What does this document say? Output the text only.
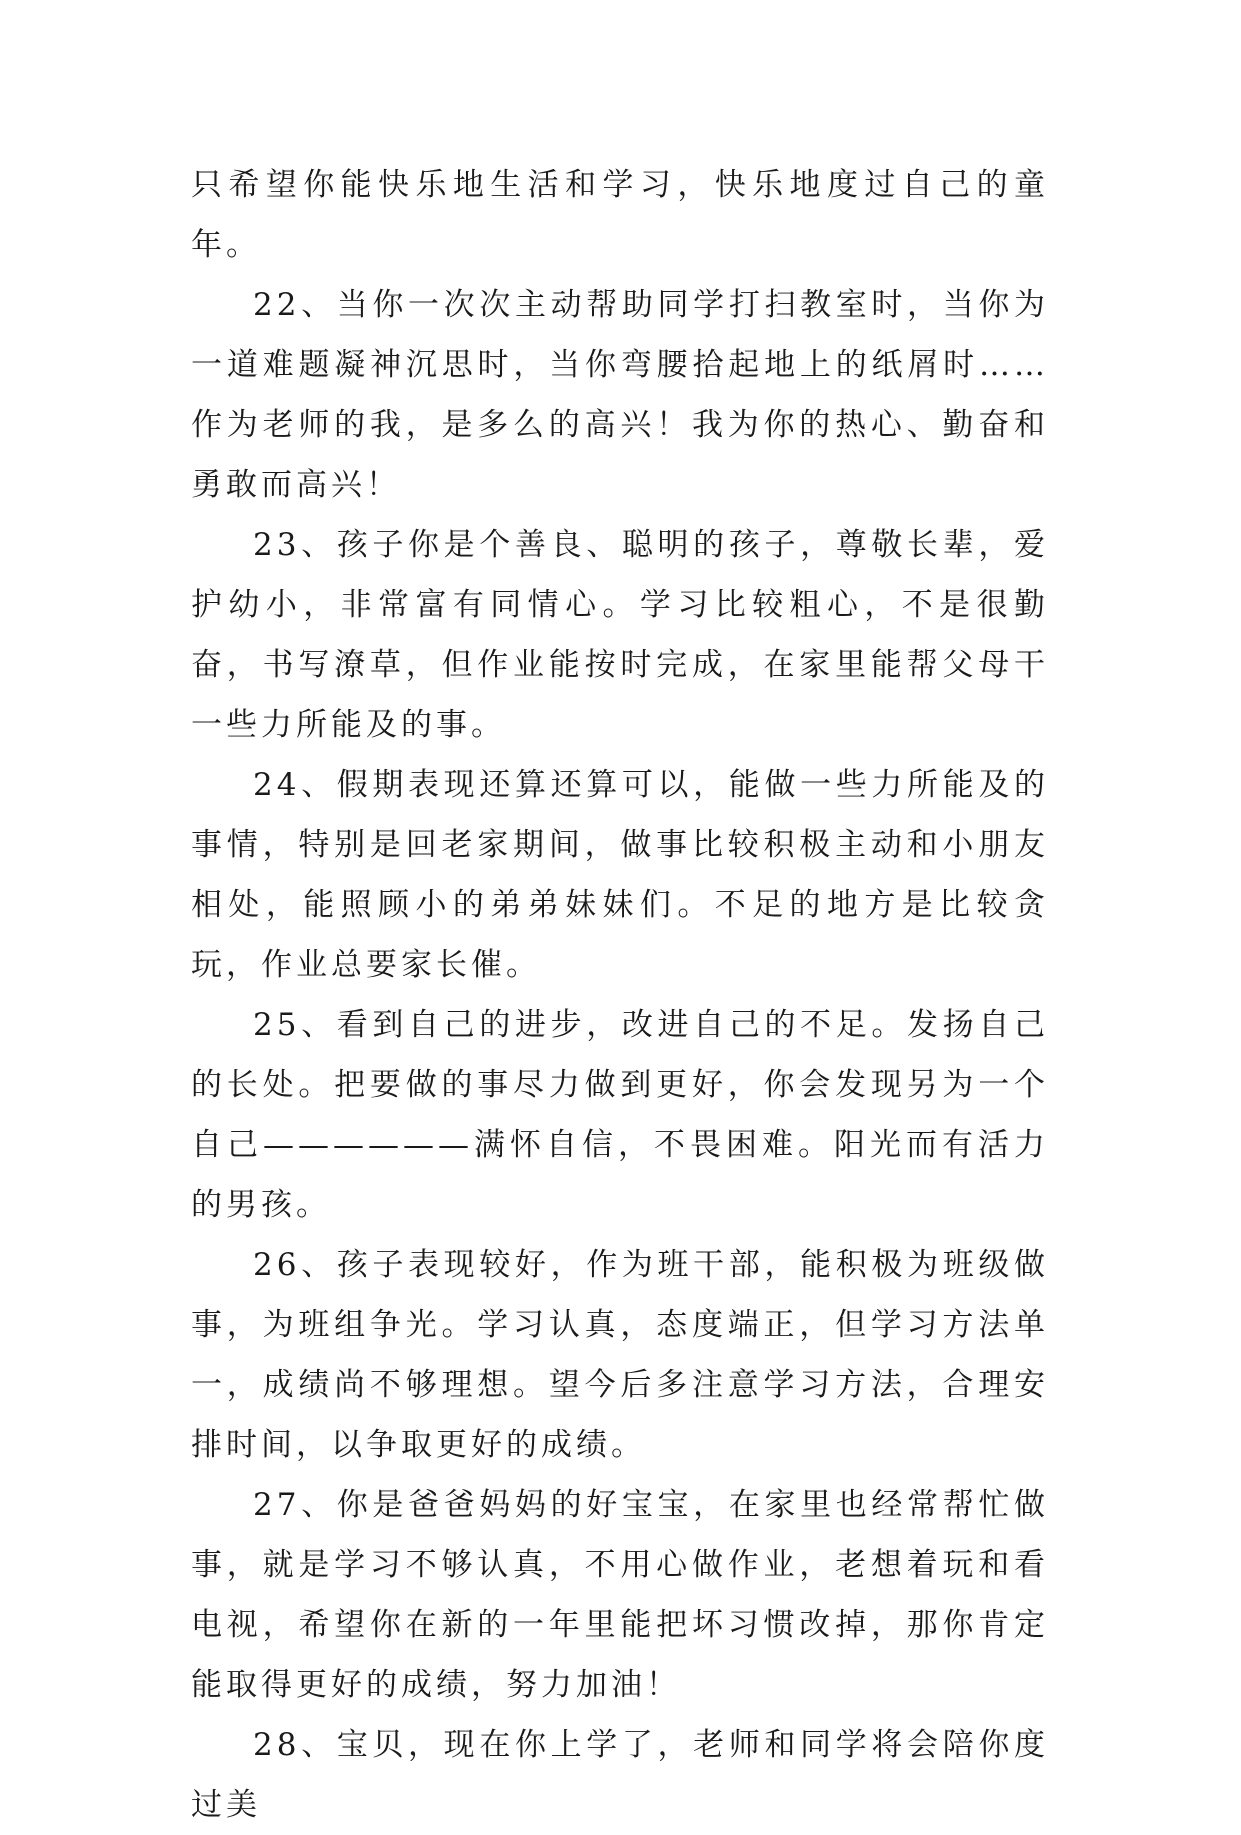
只希望你能快乐地生活和学习，快乐地度过自己的童年。

22、当你一次次主动帮助同学打扫教室时，当你为一道难题凝神沉思时，当你弯腰拾起地上的纸屑时……作为老师的我，是多么的高兴！我为你的热心、勤奋和勇敢而高兴！

23、孩子你是个善良、聪明的孩子，尊敬长辈，爱护幼小，非常富有同情心。学习比较粗心，不是很勤奋，书写潦草，但作业能按时完成，在家里能帮父母干一些力所能及的事。

24、假期表现还算还算可以，能做一些力所能及的事情，特别是回老家期间，做事比较积极主动和小朋友相处，能照顾小的弟弟妹妹们。不足的地方是比较贪玩，作业总要家长催。

25、看到自己的进步，改进自己的不足。发扬自己的长处。把要做的事尽力做到更好，你会发现另为一个自己——————满怀自信，不畏困难。阳光而有活力的男孩。

26、孩子表现较好，作为班干部，能积极为班级做事，为班组争光。学习认真，态度端正，但学习方法单一，成绩尚不够理想。望今后多注意学习方法，合理安排时间，以争取更好的成绩。

27、你是爸爸妈妈的好宝宝，在家里也经常帮忙做事，就是学习不够认真，不用心做作业，老想着玩和看电视，希望你在新的一年里能把坏习惯改掉，那你肯定能取得更好的成绩，努力加油！

28、宝贝，现在你上学了，老师和同学将会陪你度过美
